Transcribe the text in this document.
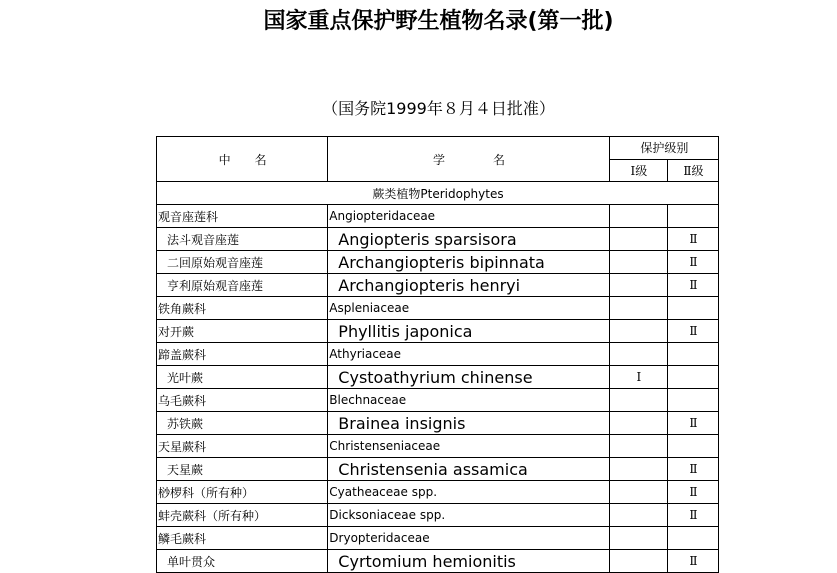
国家重点保护野生植物名录(第一批)
（国务院1999年８月４日批准）
中　　名	学　　　　名	保护级别	
		Ⅰ级	Ⅱ级
蕨类植物Pteridophytes			
观音座莲科	Angiopteridaceae		
法斗观音座莲	Angiopteris sparsisora		Ⅱ
二回原始观音座莲	Archangiopteris bipinnata		Ⅱ
亨利原始观音座莲	Archangiopteris henryi		Ⅱ
铁角蕨科	Aspleniaceae		
对开蕨	Phyllitis japonica		Ⅱ
蹄盖蕨科	Athyriaceae		
光叶蕨	Cystoathyrium chinense	Ⅰ	
乌毛蕨科	Blechnaceae		
苏铁蕨	Brainea insignis		Ⅱ
天星蕨科	Christenseniaceae		
天星蕨	Christensenia assamica		Ⅱ
桫椤科（所有种）	Cyatheaceae spp.		Ⅱ
蚌壳蕨科（所有种）	Dicksoniaceae spp.		Ⅱ
鳞毛蕨科	Dryopteridaceae		
单叶贯众	Cyrtomium hemionitis		Ⅱ
